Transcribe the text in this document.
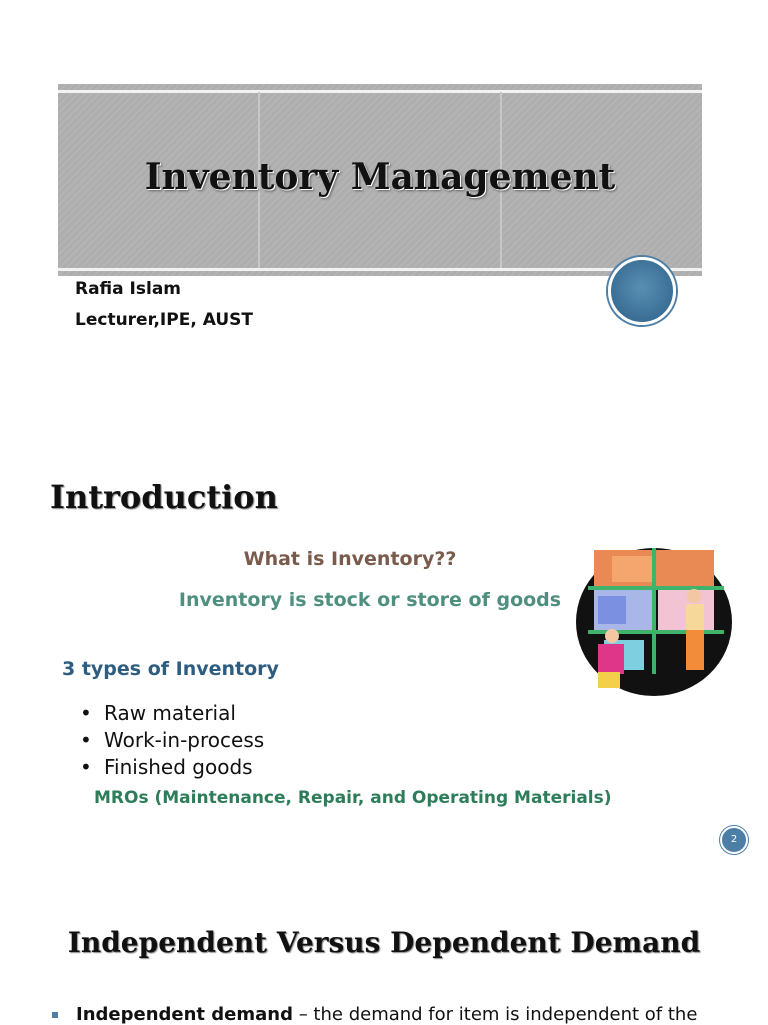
Inventory Management
Rafia Islam
Lecturer,IPE, AUST
Introduction
What is Inventory??
Inventory is stock or store of goods
3 types of Inventory
• Raw material
• Work-in-process
• Finished goods
MROs (Maintenance, Repair, and Operating Materials)
2
Independent Versus Dependent Demand
Independent demand – the demand for item is independent of the
